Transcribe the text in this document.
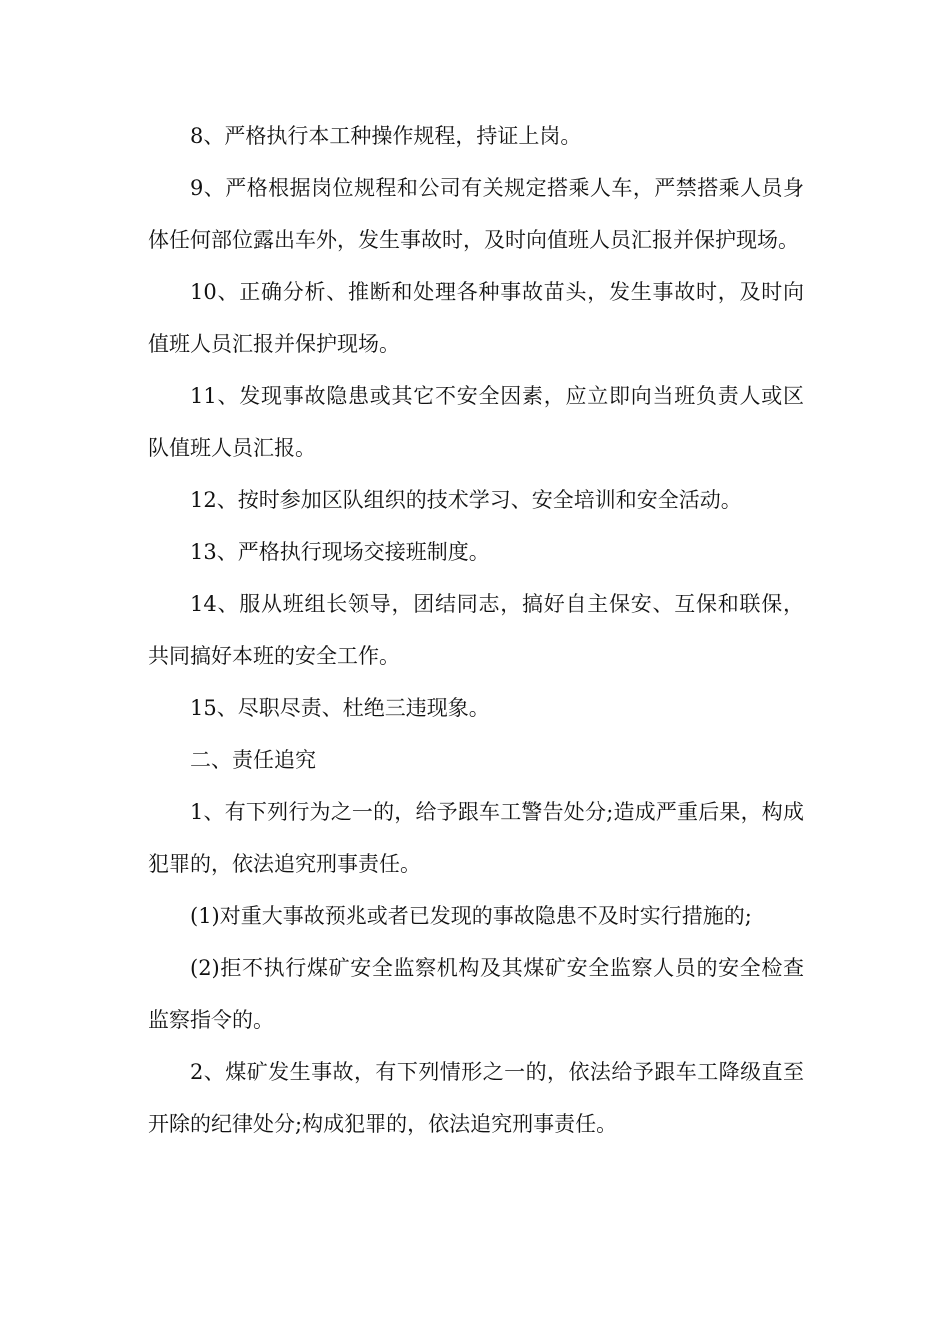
8、严格执行本工种操作规程，持证上岗。

9、严格根据岗位规程和公司有关规定搭乘人车，严禁搭乘人员身体任何部位露出车外，发生事故时，及时向值班人员汇报并保护现场。

10、正确分析、推断和处理各种事故苗头，发生事故时，及时向值班人员汇报并保护现场。

11、发现事故隐患或其它不安全因素，应立即向当班负责人或区队值班人员汇报。

12、按时参加区队组织的技术学习、安全培训和安全活动。

13、严格执行现场交接班制度。

14、服从班组长领导，团结同志，搞好自主保安、互保和联保，共同搞好本班的安全工作。

15、尽职尽责、杜绝三违现象。

二、责任追究

1、有下列行为之一的，给予跟车工警告处分;造成严重后果，构成犯罪的，依法追究刑事责任。

(1)对重大事故预兆或者已发现的事故隐患不及时实行措施的;

(2)拒不执行煤矿安全监察机构及其煤矿安全监察人员的安全检查监察指令的。

2、煤矿发生事故，有下列情形之一的，依法给予跟车工降级直至开除的纪律处分;构成犯罪的，依法追究刑事责任。
